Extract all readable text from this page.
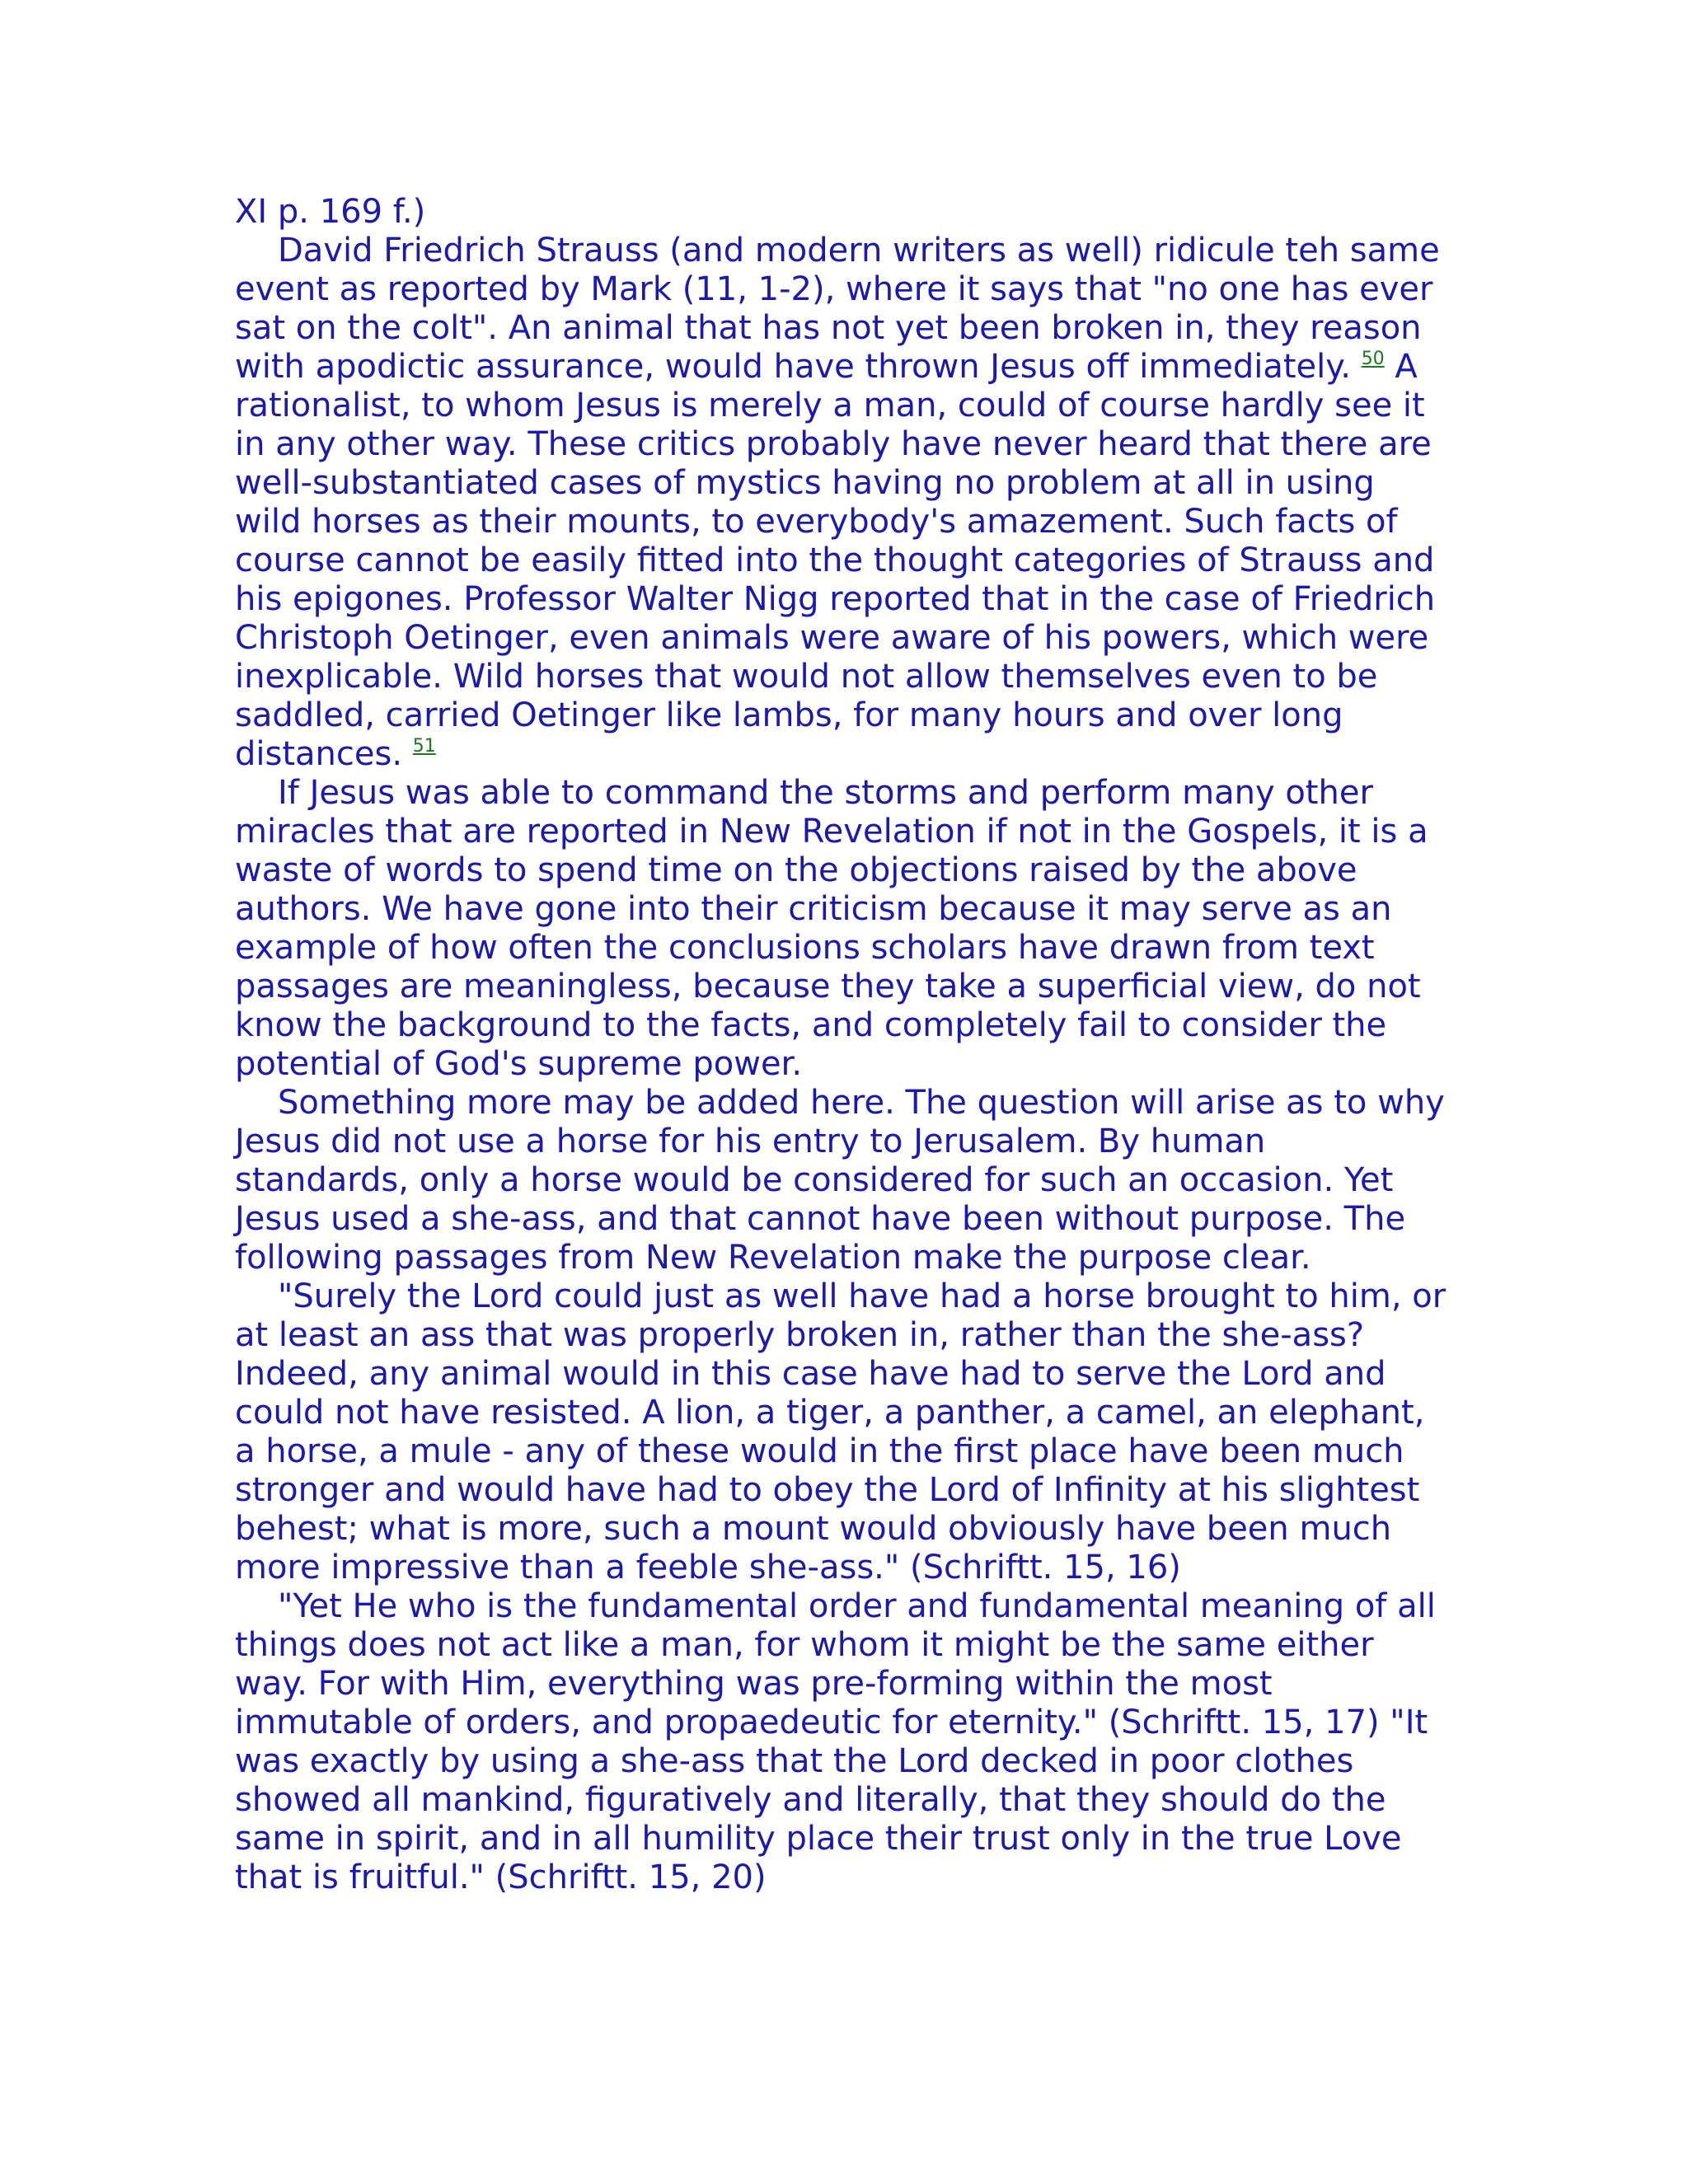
XI p. 169 f.)
David Friedrich Strauss (and modern writers as well) ridicule teh same
event as reported by Mark (11, 1-2), where it says that "no one has ever
sat on the colt". An animal that has not yet been broken in, they reason
with apodictic assurance, would have thrown Jesus off immediately. $^{50}$ A
rationalist, to whom Jesus is merely a man, could of course hardly see it
in any other way. These critics probably have never heard that there are
well-substantiated cases of mystics having no problem at all in using
wild horses as their mounts, to everybody's amazement. Such facts of
course cannot be easily fitted into the thought categories of Strauss and
his epigones. Professor Walter Nigg reported that in the case of Friedrich
Christoph Oetinger, even animals were aware of his powers, which were
inexplicable. Wild horses that would not allow themselves even to be
saddled, carried Oetinger like lambs, for many hours and over long
distances. $^{51}$
If Jesus was able to command the storms and perform many other
miracles that are reported in New Revelation if not in the Gospels, it is a
waste of words to spend time on the objections raised by the above
authors. We have gone into their criticism because it may serve as an
example of how often the conclusions scholars have drawn from text
passages are meaningless, because they take a superficial view, do not
know the background to the facts, and completely fail to consider the
potential of God's supreme power.
Something more may be added here. The question will arise as to why
Jesus did not use a horse for his entry to Jerusalem. By human
standards, only a horse would be considered for such an occasion. Yet
Jesus used a she-ass, and that cannot have been without purpose. The
following passages from New Revelation make the purpose clear.
"Surely the Lord could just as well have had a horse brought to him, or
at least an ass that was properly broken in, rather than the she-ass?
Indeed, any animal would in this case have had to serve the Lord and
could not have resisted. A lion, a tiger, a panther, a camel, an elephant,
a horse, a mule - any of these would in the first place have been much
stronger and would have had to obey the Lord of Infinity at his slightest
behest; what is more, such a mount would obviously have been much
more impressive than a feeble she-ass." (Schriftt. 15, 16)
"Yet He who is the fundamental order and fundamental meaning of all
things does not act like a man, for whom it might be the same either
way. For with Him, everything was pre-forming within the most
immutable of orders, and propaedeutic for eternity." (Schriftt. 15, 17) "It
was exactly by using a she-ass that the Lord decked in poor clothes
showed all mankind, figuratively and literally, that they should do the
same in spirit, and in all humility place their trust only in the true Love
that is fruitful." (Schriftt. 15, 20)
